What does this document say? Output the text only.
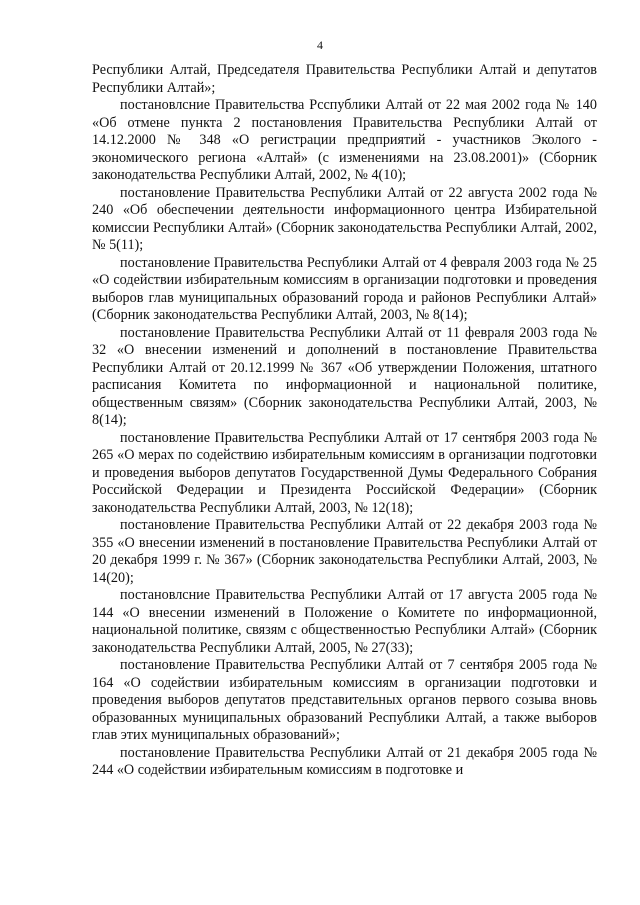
4

Республики Алтай, Председателя Правительства Республики Алтай и депутатов Республики Алтай»;

постановлсние Правительства Рсспублики Алтай от 22 мая 2002 года № 140 «Об отмене пункта 2 постановления Правительства Республики Алтай от 14.12.2000 № 348 «О регистрации предприятий - участников Эколого - экономического региона «Алтай» (с изменениями на 23.08.2001)» (Сборник законодательства Республики Алтай, 2002, № 4(10);

постановление Правительства Республики Алтай от 22 августа 2002 года № 240 «Об обеспечении деятельности информационного центра Избирательной комиссии Республики Алтай» (Сборник законодательства Республики Алтай, 2002, № 5(11);

постановление Правительства Республики Алтай от 4 февраля 2003 года № 25 «О содействии избирательным комиссиям в организации подготовки и проведения выборов глав муниципальных образований города и районов Республики Алтай» (Сборник законодательства Республики Алтай, 2003, № 8(14);

постановление Правительства Республики Алтай от 11 февраля 2003 года № 32 «О внесении изменений и дополнений в постановление Правительства Республики Алтай от 20.12.1999 № 367 «Об утверждении Положения, штатного расписания Комитета по информационной и национальной политике, общественным связям» (Сборник законодательства Республики Алтай, 2003, № 8(14);

постановление Правительства Республики Алтай от 17 сентября 2003 года № 265 «О мерах по содействию избирательным комиссиям в организации подготовки и проведения выборов депутатов Государственной Думы Федерального Собрания Российской Федерации и Президента Российской Федерации» (Сборник законодательства Республики Алтай, 2003, № 12(18);

постановление Правительства Республики Алтай от 22 декабря 2003 года № 355 «О внесении изменений в постановление Правительства Республики Алтай от 20 декабря 1999 г. № 367» (Сборник законодательства Республики Алтай, 2003, № 14(20);

постановлсние Правительства Республики Алтай от 17 августа 2005 года № 144 «О внесении изменений в Положение о Комитете по информационной, национальной политике, связям с общественностью Республики Алтай» (Сборник законодательства Республики Алтай, 2005, № 27(33);

постановление Правительства Республики Алтай от 7 сентября 2005 года № 164 «О содействии избирательным комиссиям в организации подготовки и проведения выборов депутатов представительных органов первого созыва вновь образованных муниципальных образований Республики Алтай, а также выборов глав этих муниципальных образований»;

постановление Правительства Республики Алтай от 21 декабря 2005 года № 244 «О содействии избирательным комиссиям в подготовке и
